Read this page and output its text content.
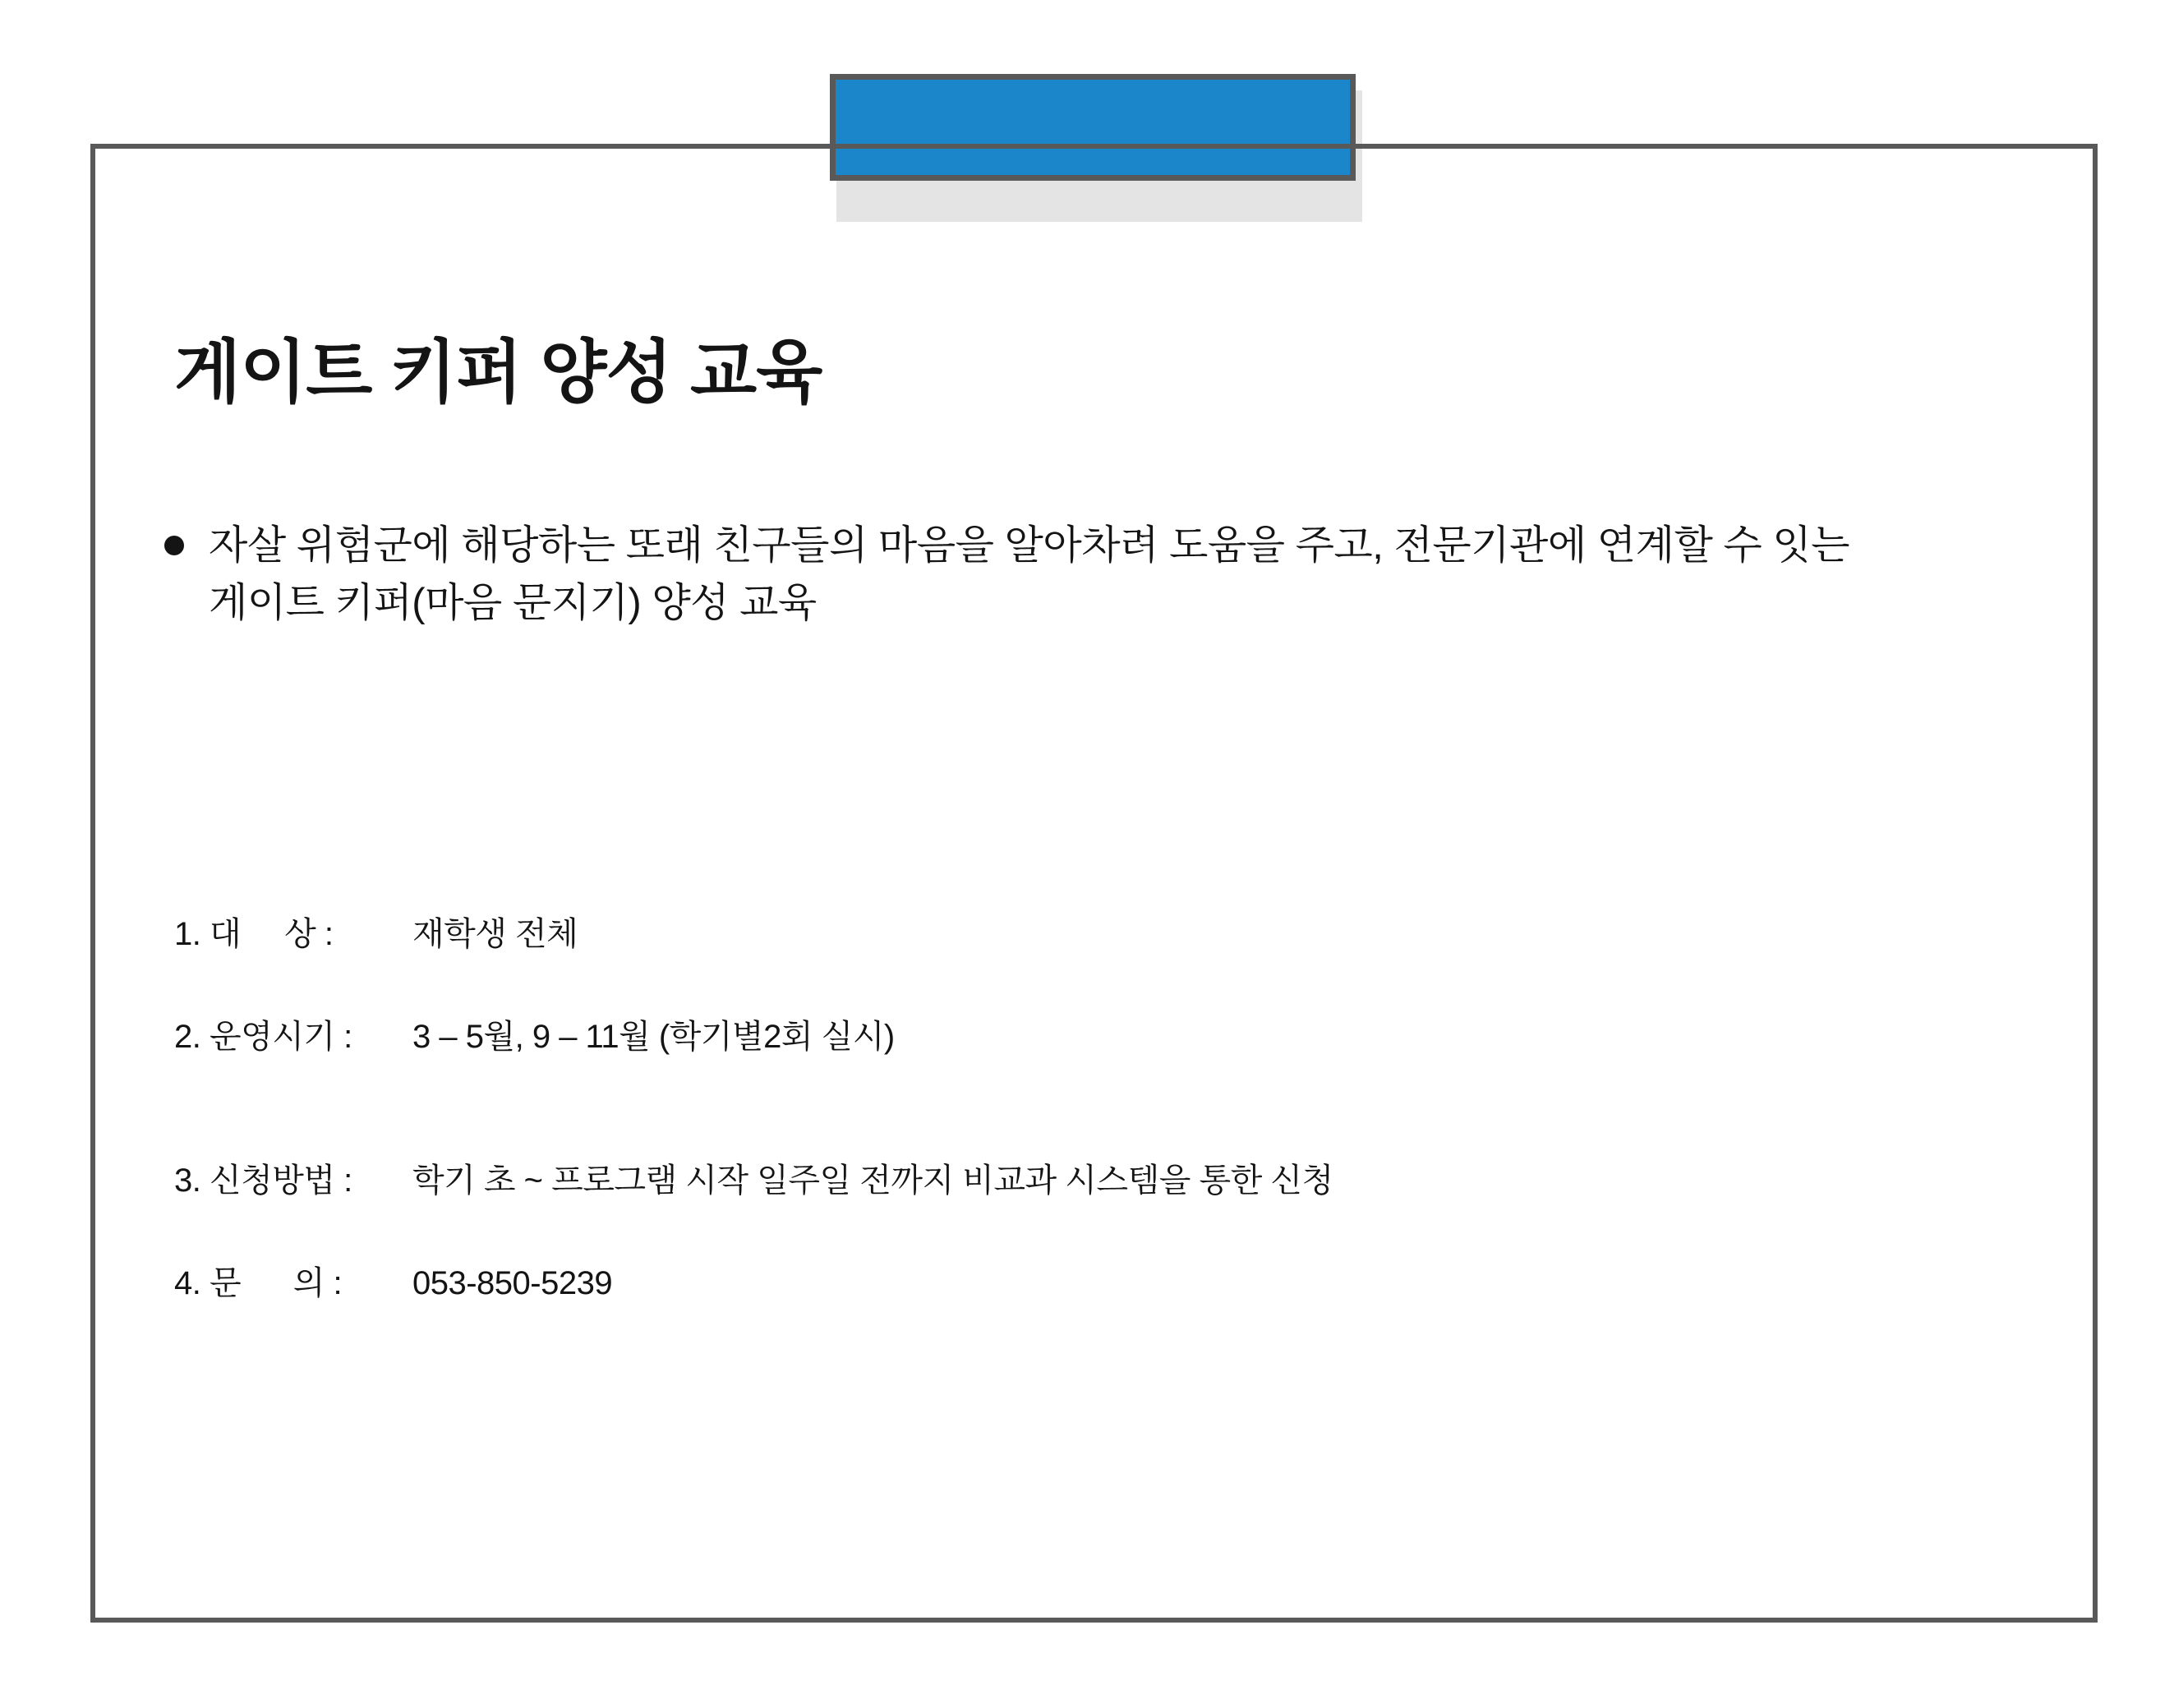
게이트 키퍼 양성 교육
자살 위험군에 해당하는 또래 친구들의 마음을 알아차려 도움을 주고, 전문기관에 연계할 수 잇는
게이트 키퍼(마음 문지기) 양성 교육
1. 대     상 :	재학생 전체
2. 운영시기 :	3 – 5월, 9 – 11월 (학기별2회 실시)
3. 신청방법 :	학기 초 ~ 프로그램 시작 일주일 전까지 비교과 시스템을 통한 신청
4. 문      의 :	053-850-5239
